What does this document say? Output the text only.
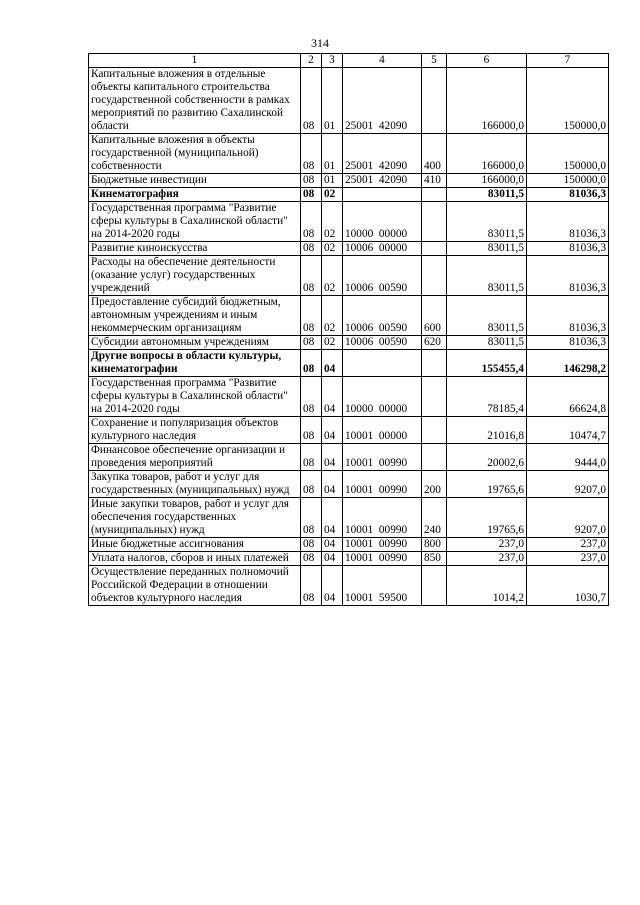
314
1	2	3	4	5	6	7
Капитальные вложения в отдельные объекты капитального строительства государственной собственности в рамках мероприятий по развитию Сахалинской области	08	01	25001  42090		166000,0	150000,0
Капитальные вложения в объекты государственной (муниципальной) собственности	08	01	25001  42090	400	166000,0	150000,0
Бюджетные инвестиции	08	01	25001  42090	410	166000,0	150000,0
Кинематография	08	02			83011,5	81036,3
Государственная программа "Развитие сферы культуры в Сахалинской области" на 2014-2020 годы	08	02	10000  00000		83011,5	81036,3
Развитие киноискусства	08	02	10006  00000		83011,5	81036,3
Расходы на обеспечение деятельности (оказание услуг) государственных учреждений	08	02	10006  00590		83011,5	81036,3
Предоставление субсидий бюджетным, автономным учреждениям и иным некоммерческим организациям	08	02	10006  00590	600	83011,5	81036,3
Субсидии автономным учреждениям	08	02	10006  00590	620	83011,5	81036,3
Другие вопросы в области культуры, кинематографии	08	04			155455,4	146298,2
Государственная программа "Развитие сферы культуры в Сахалинской области" на 2014-2020 годы	08	04	10000  00000		78185,4	66624,8
Сохранение и популяризация объектов культурного наследия	08	04	10001  00000		21016,8	10474,7
Финансовое обеспечение организации и проведения мероприятий	08	04	10001  00990		20002,6	9444,0
Закупка товаров, работ и услуг для государственных (муниципальных) нужд	08	04	10001  00990	200	19765,6	9207,0
Иные закупки товаров, работ и услуг для обеспечения государственных (муниципальных) нужд	08	04	10001  00990	240	19765,6	9207,0
Иные бюджетные ассигнования	08	04	10001  00990	800	237,0	237,0
Уплата налогов, сборов и иных платежей	08	04	10001  00990	850	237,0	237,0
Осуществление переданных полномочий Российской Федерации в отношении объектов культурного наследия	08	04	10001  59500		1014,2	1030,7
